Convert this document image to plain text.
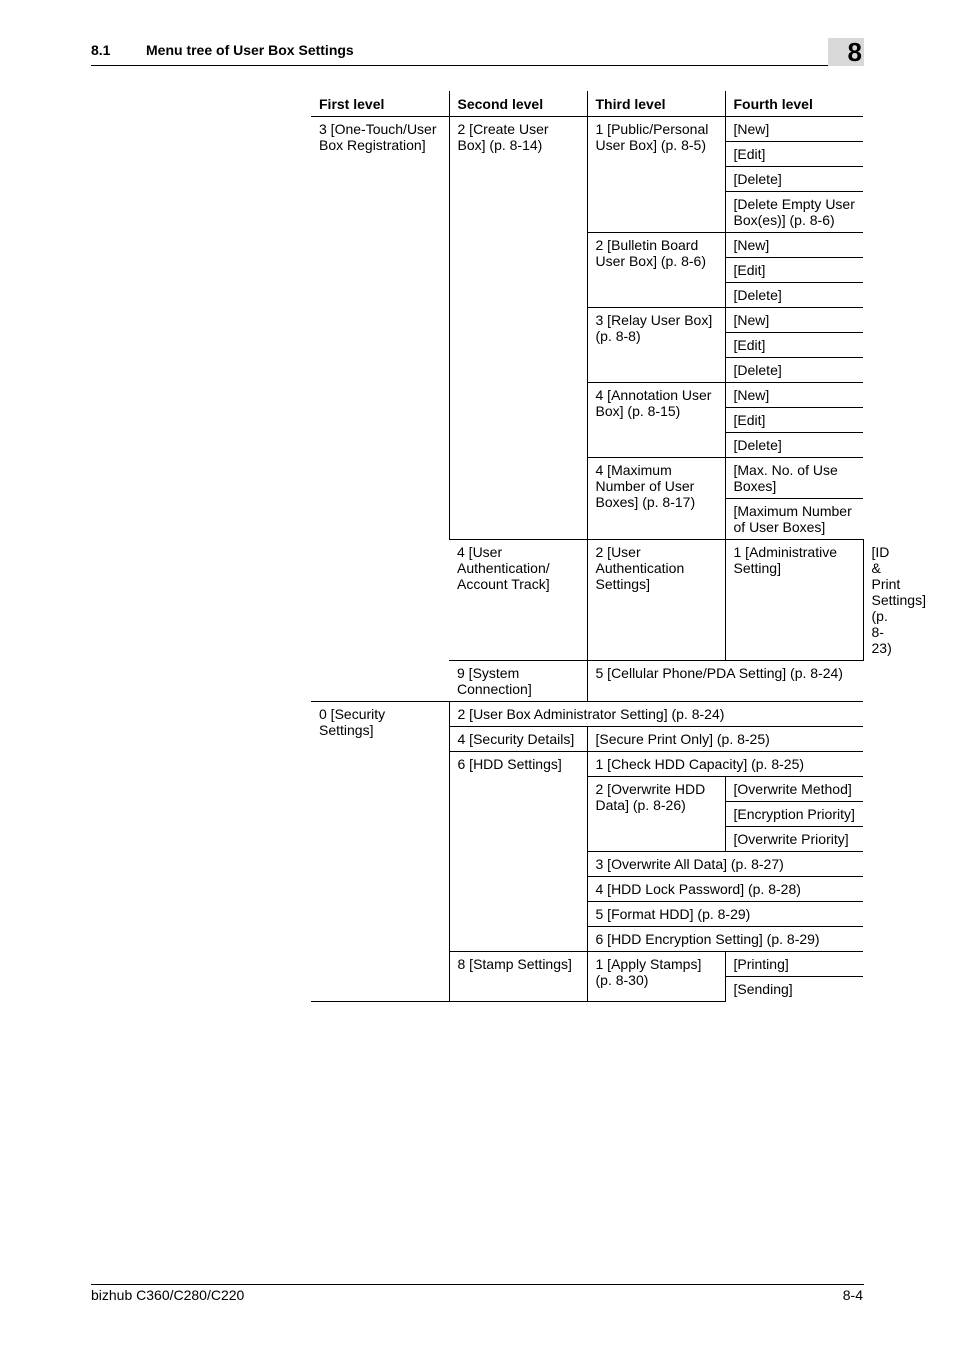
8.1	Menu tree of User Box Settings	8
First level	Second level	Third level	Fourth level	
3 [One-Touch/User Box Registration]	2 [Create User Box] (p. 8-14)	1 [Public/Personal User Box] (p. 8-5)	[New]	
			[Edit]	
			[Delete]	
			[Delete Empty User Box(es)] (p. 8-6)	
		2 [Bulletin Board User Box] (p. 8-6)	[New]	
			[Edit]	
			[Delete]	
		3 [Relay User Box] (p. 8-8)	[New]	
			[Edit]	
			[Delete]	
		4 [Annotation User Box] (p. 8-15)	[New]	
			[Edit]	
			[Delete]	
		4 [Maximum Number of User Boxes] (p. 8-17)	[Max. No. of Use Boxes]	
			[Maximum Number of User Boxes]	
	4 [User Authentication/ Account Track]	2 [User Authentication Settings]	1 [Administrative Setting]	[ID & Print Settings] (p. 8-23)
	9 [System Connection]	5 [Cellular Phone/PDA Setting] (p. 8-24)		
0 [Security Settings]	2 [User Box Administrator Setting] (p. 8-24)			
	4 [Security Details]	[Secure Print Only] (p. 8-25)		
	6 [HDD Settings]	1 [Check HDD Capacity] (p. 8-25)		
		2 [Overwrite HDD Data] (p. 8-26)	[Overwrite Method]	
			[Encryption Priority]	
			[Overwrite Priority]	
		3 [Overwrite All Data] (p. 8-27)		
		4 [HDD Lock Password] (p. 8-28)		
		5 [Format HDD] (p. 8-29)		
		6 [HDD Encryption Setting] (p. 8-29)		
	8 [Stamp Settings]	1 [Apply Stamps] (p. 8-30)	[Printing]	
			[Sending]	
bizhub C360/C280/C220	8-4
